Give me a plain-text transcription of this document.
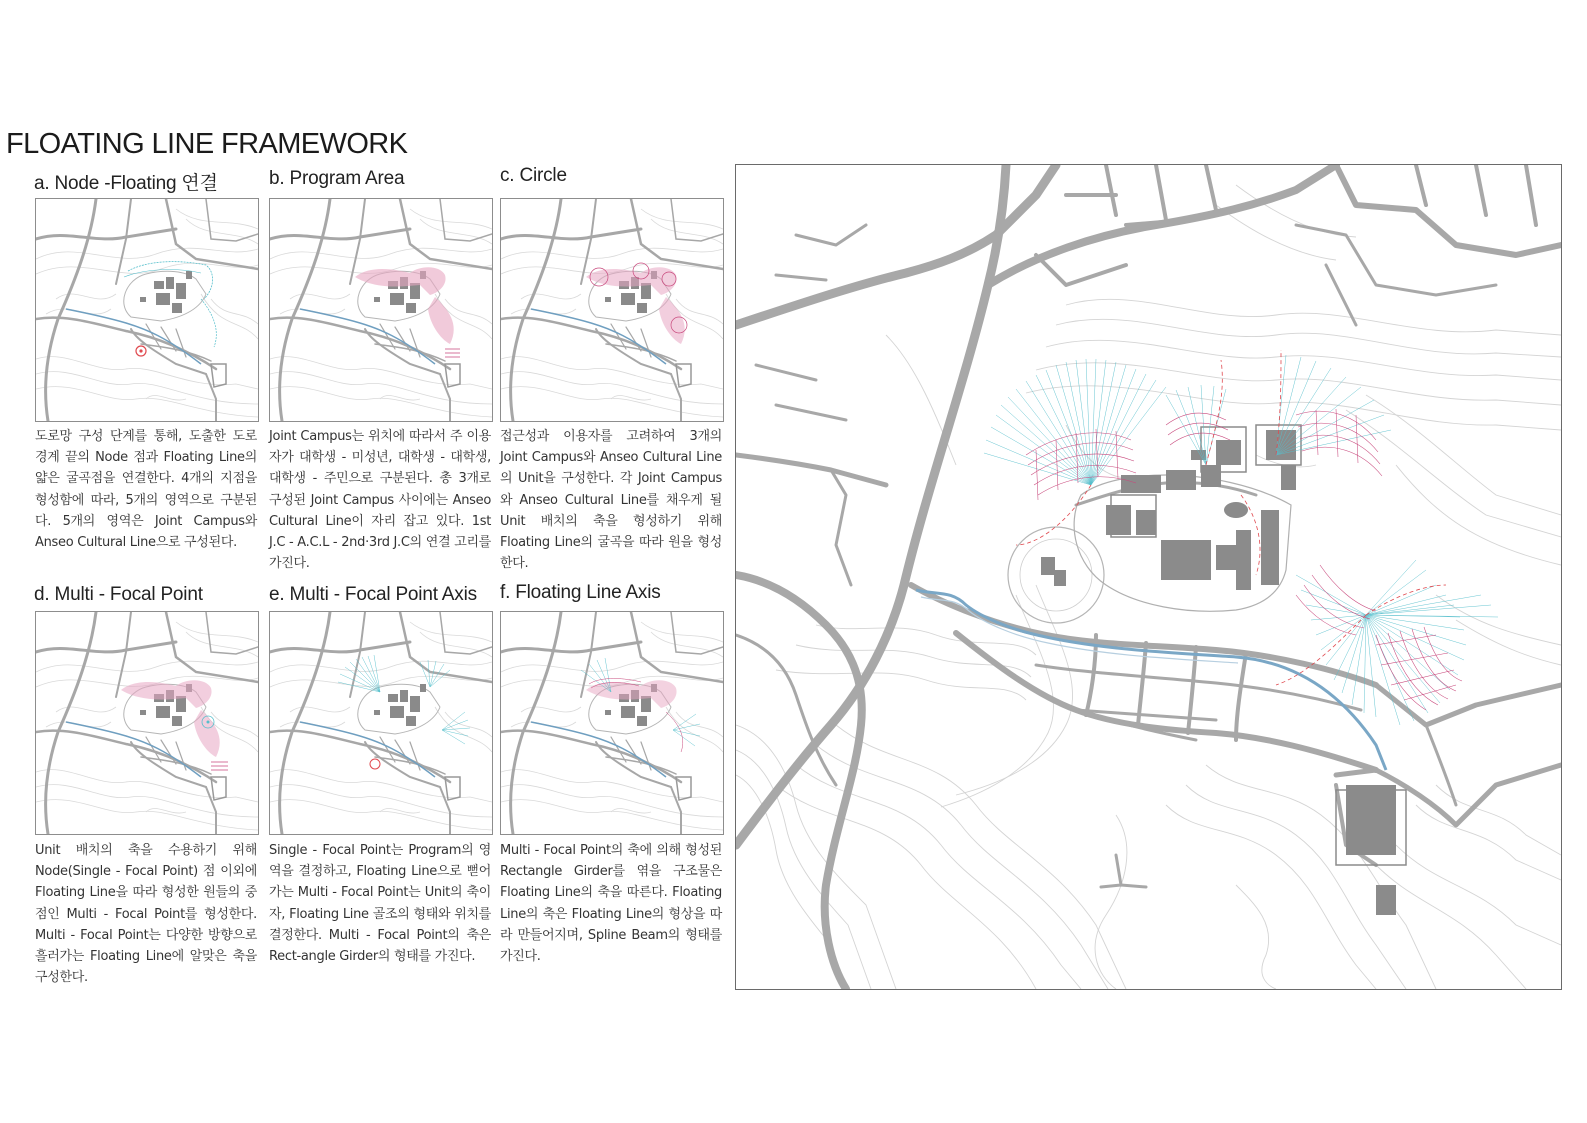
FLOATING LINE FRAMEWORK
a. Node -Floating 연결
도로망 구성 단계를 통해, 도출한 도로 경계 끝의 Node 점과 Floating Line의 얇은 굴곡점을 연결한다. 4개의 지점을 형성함에 따라, 5개의 영역으로 구분된다. 5개의 영역은 Joint Campus와 Anseo Cultural Line으로 구성된다.
b. Program Area
Joint Campus는 위치에 따라서 주 이용자가 대학생 - 미성년, 대학생 - 대학생, 대학생 - 주민으로 구분된다. 총 3개로 구성된 Joint Campus 사이에는 Anseo Cultural Line이 자리 잡고 있다. 1st J.C - A.C.L - 2nd·3rd J.C의 연결 고리를 가진다.
c. Circle
접근성과 이용자를 고려하여 3개의 Joint Campus와 Anseo Cultural Line의 Unit을 구성한다. 각 Joint Campus와 Anseo Cultural Line를 채우게 될 Unit 배치의 축을 형성하기 위해 Floating Line의 굴곡을 따라 원을 형성한다.
d. Multi - Focal Point
Unit 배치의 축을 수용하기 위해 Node(Single - Focal Point) 점 이외에 Floating Line을 따라 형성한 원들의 중점인 Multi - Focal Point를 형성한다. Multi - Focal Point는 다양한 방향으로 흘러가는 Floating Line에 알맞은 축을 구성한다.
e. Multi - Focal Point Axis
Single - Focal Point는 Program의 영역을 결정하고, Floating Line으로 뻗어가는 Multi - Focal Point는 Unit의 축이자, Floating Line 골조의 형태와 위치를 결정한다. Multi - Focal Point의 축은 Rect-angle Girder의 형태를 가진다.
f. Floating Line Axis
Multi - Focal Point의 축에 의해 형성된 Rectangle Girder를 엮을 구조물은 Floating Line의 축을 따른다. Floating Line의 축은 Floating Line의 형상을 따라 만들어지며, Spline Beam의 형태를 가진다.
